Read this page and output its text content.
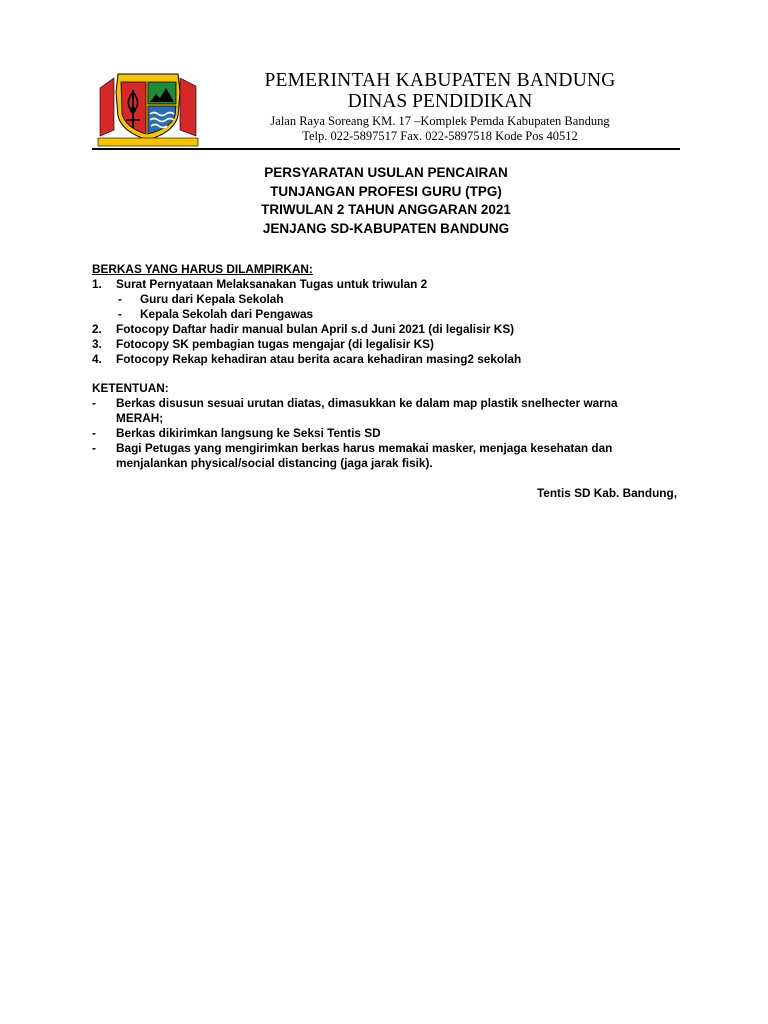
PEMERINTAH KABUPATEN BANDUNG
DINAS PENDIDIKAN
Jalan Raya Soreang KM. 17 –Komplek Pemda Kabupaten Bandung
Telp. 022-5897517 Fax. 022-5897518 Kode Pos 40512
PERSYARATAN USULAN PENCAIRAN
TUNJANGAN PROFESI GURU (TPG)
TRIWULAN 2 TAHUN ANGGARAN 2021
JENJANG SD-KABUPATEN BANDUNG
BERKAS YANG HARUS DILAMPIRKAN:
1.	Surat Pernyataan Melaksanakan Tugas untuk triwulan 2
-	Guru dari Kepala Sekolah
-	Kepala Sekolah dari Pengawas
2.	Fotocopy Daftar hadir manual bulan April s.d Juni 2021 (di legalisir KS)
3.	Fotocopy SK pembagian tugas mengajar (di legalisir KS)
4.	Fotocopy Rekap kehadiran atau berita acara kehadiran masing2 sekolah
KETENTUAN:
-	Berkas disusun sesuai urutan diatas, dimasukkan ke dalam map plastik snelhecter warna
MERAH;
-	Berkas dikirimkan langsung ke Seksi Tentis SD
-	Bagi Petugas yang mengirimkan berkas harus memakai masker, menjaga kesehatan dan
menjalankan physical/social distancing (jaga jarak fisik).
Tentis SD Kab. Bandung,
